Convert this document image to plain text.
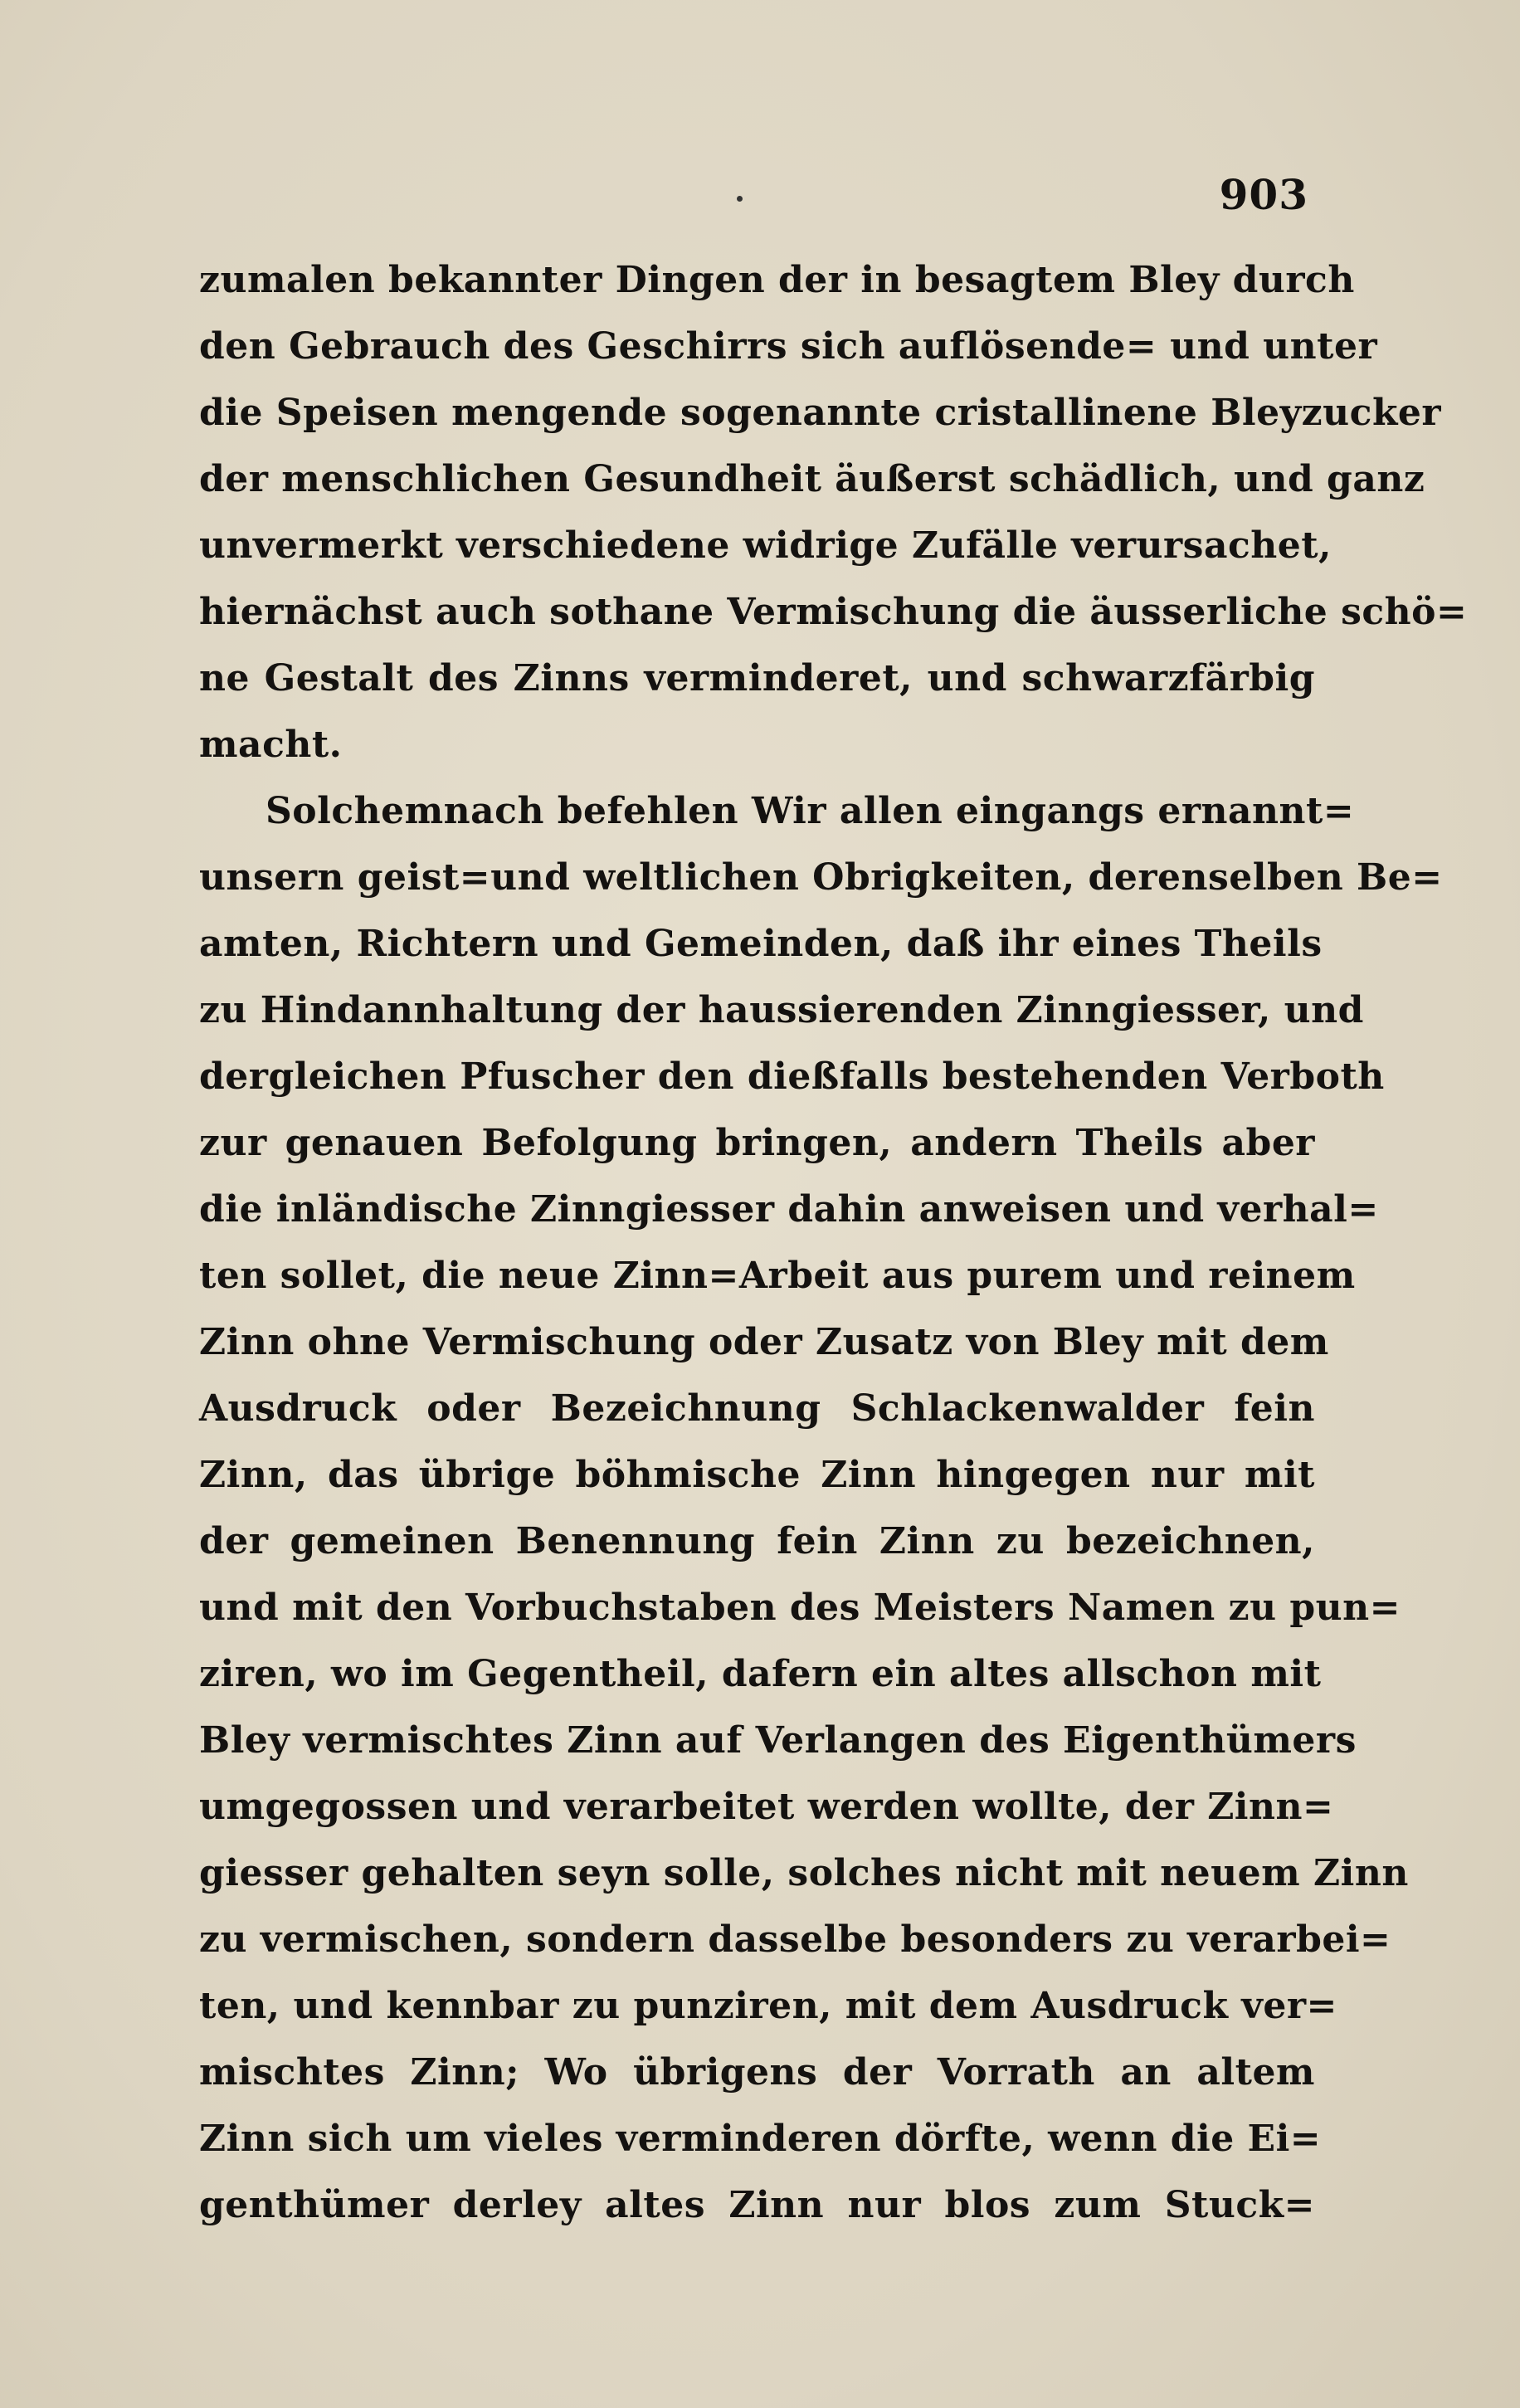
903
zumalen bekannter Dingen der in besagtem Bley durch
den Gebrauch des Geschirrs sich auflösende= und unter
die Speisen mengende sogenannte cristallinene Bleyzucker
der menschlichen Gesundheit äußerst schädlich, und ganz
unvermerkt verschiedene widrige Zufälle verursachet,
hiernächst auch sothane Vermischung die äusserliche schö=
ne Gestalt des Zinns verminderet, und schwarzfärbig
macht.
Solchemnach befehlen Wir allen eingangs ernannt=
unsern geist=und weltlichen Obrigkeiten, derenselben Be=
amten, Richtern und Gemeinden, daß ihr eines Theils
zu Hindannhaltung der haussierenden Zinngiesser, und
dergleichen Pfuscher den dießfalls bestehenden Verboth
zur genauen Befolgung bringen, andern Theils aber
die inländische Zinngiesser dahin anweisen und verhal=
ten sollet, die neue Zinn=Arbeit aus purem und reinem
Zinn ohne Vermischung oder Zusatz von Bley mit dem
Ausdruck oder Bezeichnung Schlackenwalder fein
Zinn, das übrige böhmische Zinn hingegen nur mit
der gemeinen Benennung fein Zinn zu bezeichnen,
und mit den Vorbuchstaben des Meisters Namen zu pun=
ziren, wo im Gegentheil, dafern ein altes allschon mit
Bley vermischtes Zinn auf Verlangen des Eigenthümers
umgegossen und verarbeitet werden wollte, der Zinn=
giesser gehalten seyn solle, solches nicht mit neuem Zinn
zu vermischen, sondern dasselbe besonders zu verarbei=
ten, und kennbar zu punziren, mit dem Ausdruck ver=
mischtes Zinn; Wo übrigens der Vorrath an altem
Zinn sich um vieles verminderen dörfte, wenn die Ei=
genthümer derley altes Zinn nur blos zum Stuck=
